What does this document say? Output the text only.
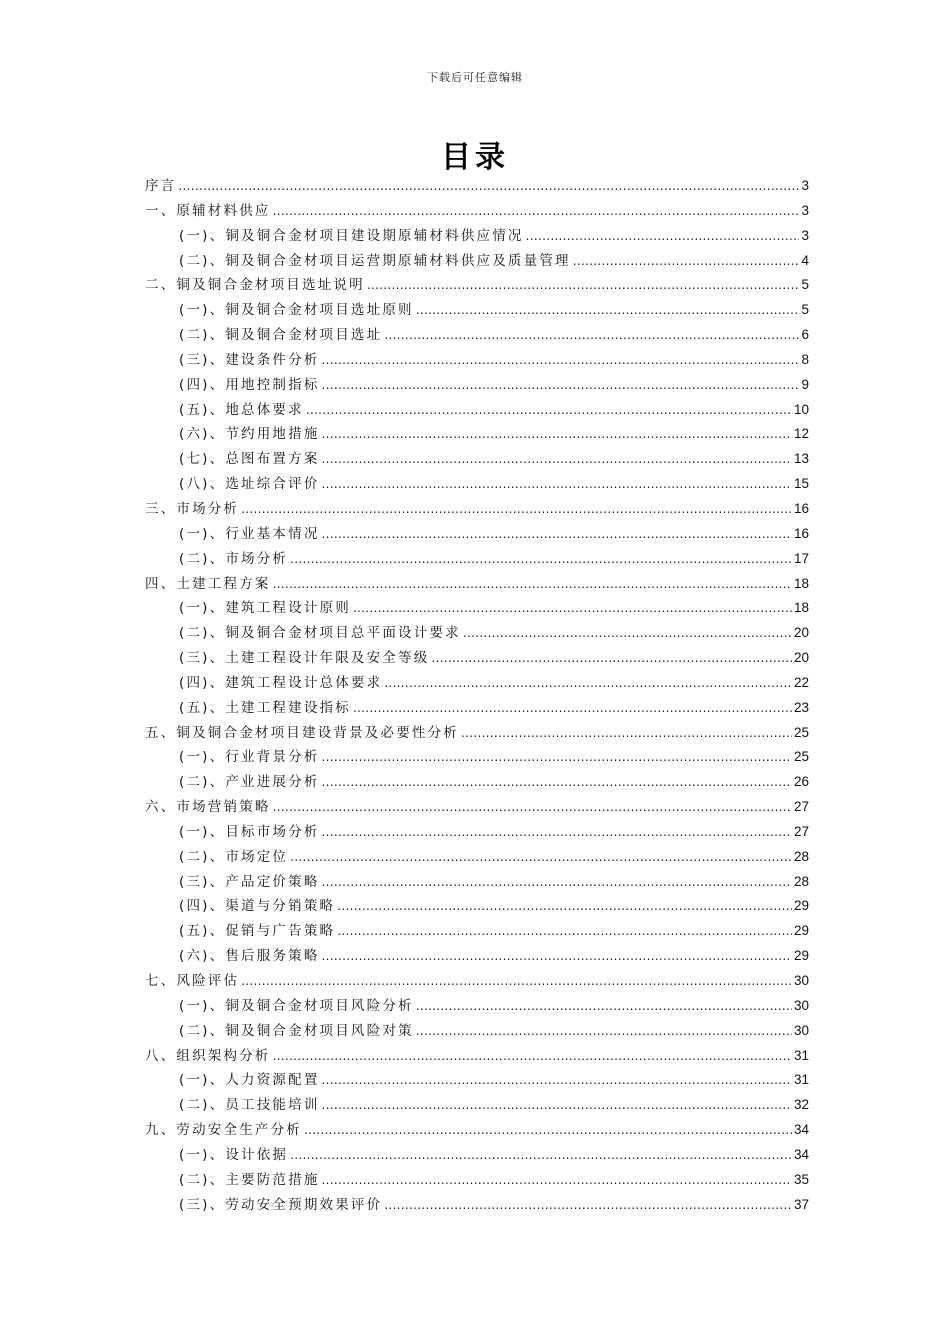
下载后可任意编辑
目录
序言 .....	3
一、原辅材料供应 .....	3
(一)、铜及铜合金材项目建设期原辅材料供应情况 .....	3
(二)、铜及铜合金材项目运营期原辅材料供应及质量管理 .....	4
二、铜及铜合金材项目选址说明 .....	5
(一)、铜及铜合金材项目选址原则 .....	5
(二)、铜及铜合金材项目选址 .....	6
(三)、建设条件分析 .....	8
(四)、用地控制指标 .....	9
(五)、地总体要求 .....	10
(六)、节约用地措施 .....	12
(七)、总图布置方案 .....	13
(八)、选址综合评价 .....	15
三、市场分析 .....	16
(一)、行业基本情况 .....	16
(二)、市场分析 .....	17
四、土建工程方案 .....	18
(一)、建筑工程设计原则 .....	18
(二)、铜及铜合金材项目总平面设计要求 .....	20
(三)、土建工程设计年限及安全等级 .....	20
(四)、建筑工程设计总体要求 .....	22
(五)、土建工程建设指标 .....	23
五、铜及铜合金材项目建设背景及必要性分析 .....	25
(一)、行业背景分析 .....	25
(二)、产业进展分析 .....	26
六、市场营销策略 .....	27
(一)、目标市场分析 .....	27
(二)、市场定位 .....	28
(三)、产品定价策略 .....	28
(四)、渠道与分销策略 .....	29
(五)、促销与广告策略 .....	29
(六)、售后服务策略 .....	29
七、风险评估 .....	30
(一)、铜及铜合金材项目风险分析 .....	30
(二)、铜及铜合金材项目风险对策 .....	30
八、组织架构分析 .....	31
(一)、人力资源配置 .....	31
(二)、员工技能培训 .....	32
九、劳动安全生产分析 .....	34
(一)、设计依据 .....	34
(二)、主要防范措施 .....	35
(三)、劳动安全预期效果评价 .....	37
